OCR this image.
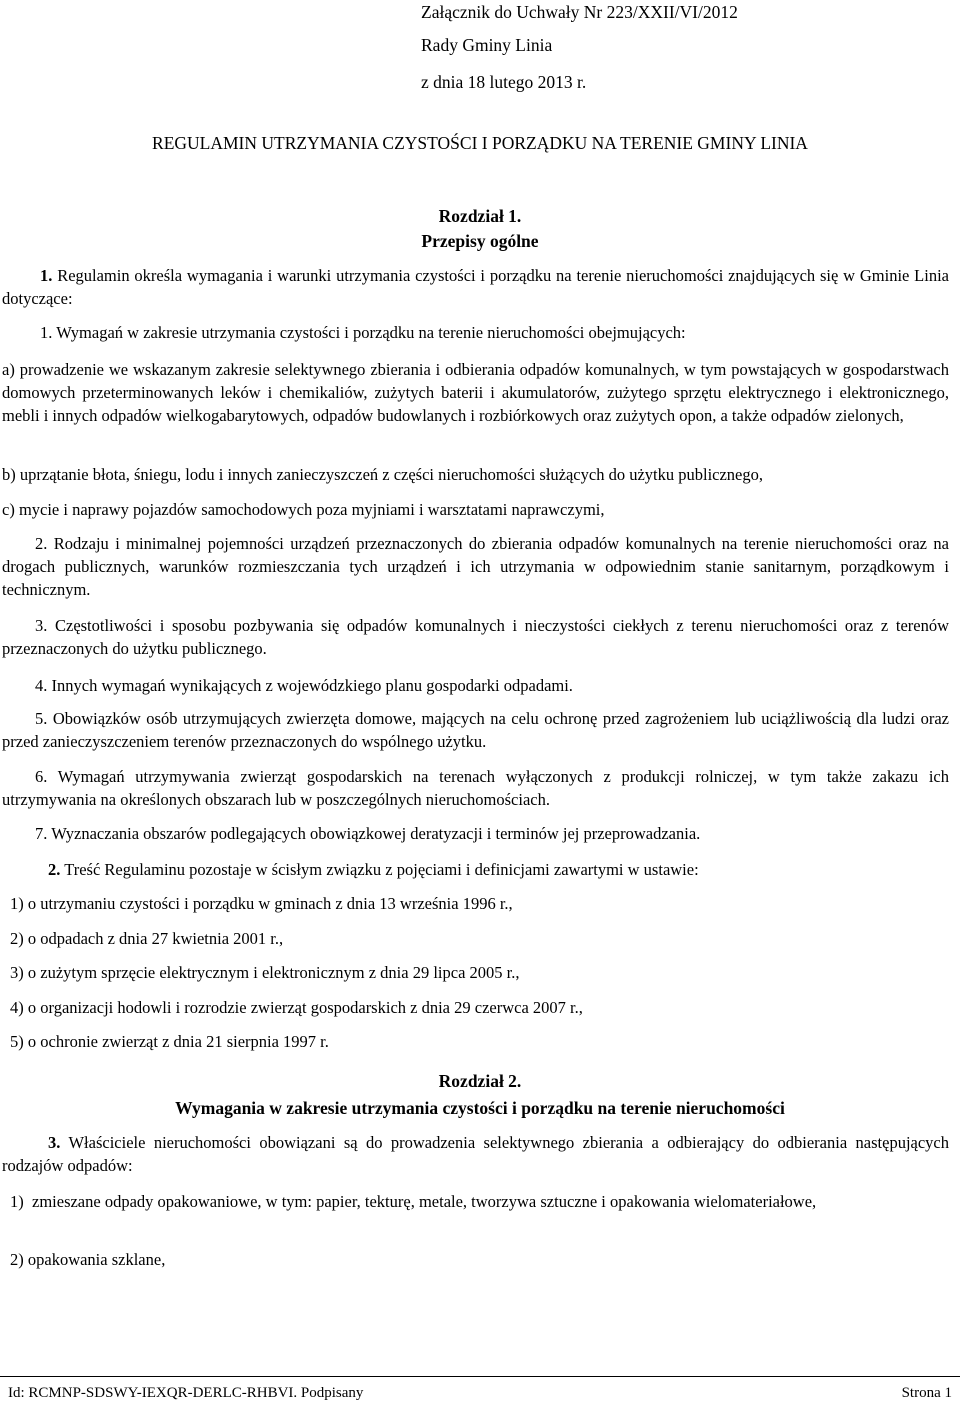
Załącznik do Uchwały Nr 223/XXII/VI/2012
Rady Gminy Linia
z dnia 18 lutego 2013 r.
REGULAMIN UTRZYMANIA CZYSTOŚCI I PORZĄDKU NA TERENIE GMINY LINIA
Rozdział 1.
Przepisy ogólne
1. Regulamin określa wymagania i warunki utrzymania czystości i porządku na terenie nieruchomości znajdujących się w Gminie Linia dotyczące:
1. Wymagań w zakresie utrzymania czystości i porządku na terenie nieruchomości obejmujących:
a) prowadzenie we wskazanym zakresie selektywnego zbierania i odbierania odpadów komunalnych, w tym powstających w gospodarstwach domowych przeterminowanych leków i chemikaliów, zużytych baterii i akumulatorów, zużytego sprzętu elektrycznego i elektronicznego, mebli i innych odpadów wielkogabarytowych, odpadów budowlanych i rozbiórkowych oraz zużytych opon, a także odpadów zielonych,
b) uprzątanie błota, śniegu, lodu i innych zanieczyszczeń z części nieruchomości służących do użytku publicznego,
c) mycie i naprawy pojazdów samochodowych poza myjniami i warsztatami naprawczymi,
2. Rodzaju i minimalnej pojemności urządzeń przeznaczonych do zbierania odpadów komunalnych na terenie nieruchomości oraz na drogach publicznych, warunków rozmieszczania tych urządzeń i ich utrzymania w odpowiednim stanie sanitarnym, porządkowym i technicznym.
3. Częstotliwości i sposobu pozbywania się odpadów komunalnych i nieczystości ciekłych z terenu nieruchomości oraz z terenów przeznaczonych do użytku publicznego.
4. Innych wymagań wynikających z wojewódzkiego planu gospodarki odpadami.
5. Obowiązków osób utrzymujących zwierzęta domowe, mających na celu ochronę przed zagrożeniem lub uciążliwością dla ludzi oraz przed zanieczyszczeniem terenów przeznaczonych do wspólnego użytku.
6. Wymagań utrzymywania zwierząt gospodarskich na terenach wyłączonych z produkcji rolniczej, w tym także zakazu ich utrzymywania na określonych obszarach lub w poszczególnych nieruchomościach.
7. Wyznaczania obszarów podlegających obowiązkowej deratyzacji i terminów jej przeprowadzania.
2. Treść Regulaminu pozostaje w ścisłym związku z pojęciami i definicjami zawartymi w ustawie:
1) o utrzymaniu czystości i porządku w gminach z dnia 13 września 1996 r.,
2) o odpadach z dnia 27 kwietnia 2001 r.,
3) o zużytym sprzęcie elektrycznym i elektronicznym z dnia 29 lipca 2005 r.,
4) o organizacji hodowli i rozrodzie zwierząt gospodarskich z dnia 29 czerwca 2007 r.,
5) o ochronie zwierząt z dnia 21 sierpnia 1997 r.
Rozdział 2.
Wymagania w zakresie utrzymania czystości i porządku na terenie nieruchomości
3. Właściciele nieruchomości obowiązani są do prowadzenia selektywnego zbierania a odbierający do odbierania następujących rodzajów odpadów:
1) zmieszane odpady opakowaniowe, w tym: papier, tekturę, metale, tworzywa sztuczne i opakowania wielomateriałowe,
2) opakowania szklane,
Id: RCMNP-SDSWY-IEXQR-DERLC-RHBVI. Podpisany	Strona 1
